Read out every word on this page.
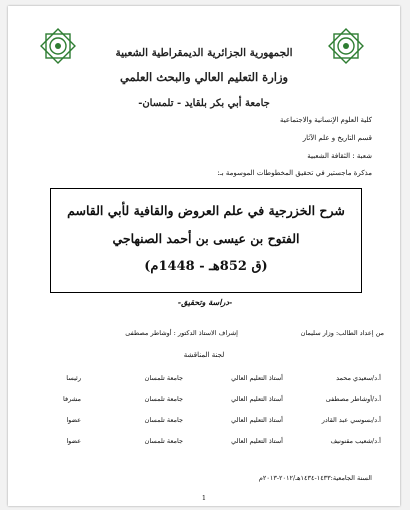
الجمهورية الجزائرية الديمقراطية الشعبية
وزارة التعليم العالي والبحث العلمي
جامعة أبي بكر بلقايد - تلمسان-
كلية العلوم الإنسانية والاجتماعية
قسم التاريخ و علم الآثار
شعبة : الثقافة الشعبية
مذكرة ماجستير في تحقيق المخطوطات الموسومة بـ:
شرح الخزرجية في علم العروض والقافية لأبي القاسم
الفتوح بن عيسى بن أحمد الصنهاجي
(ق 852هـ - 1448م)
-دراسة وتحقيق-
من إعداد الطالب: وزار سليمان
إشراف الاستاذ الدكتور : أوشاطر مصطفى
لجنة المناقشة
أ.د/سعيدي محمد	أستاذ التعليم العالي	جامعة تلمسان	رئيسا
أ.د/أوشاطر مصطفى	أستاذ التعليم العالي	جامعة تلمسان	مشرفا
أ.د/بسوسي عبد القادر	أستاذ التعليم العالي	جامعة تلمسان	عضوا
أ.د/شعيب مقنونيف	أستاذ التعليم العالي	جامعة تلمسان	عضوا
السنة الجامعية:١٤٣٣-١٤٣٤هـ/٢٠١٢-٢٠١٣م
1
